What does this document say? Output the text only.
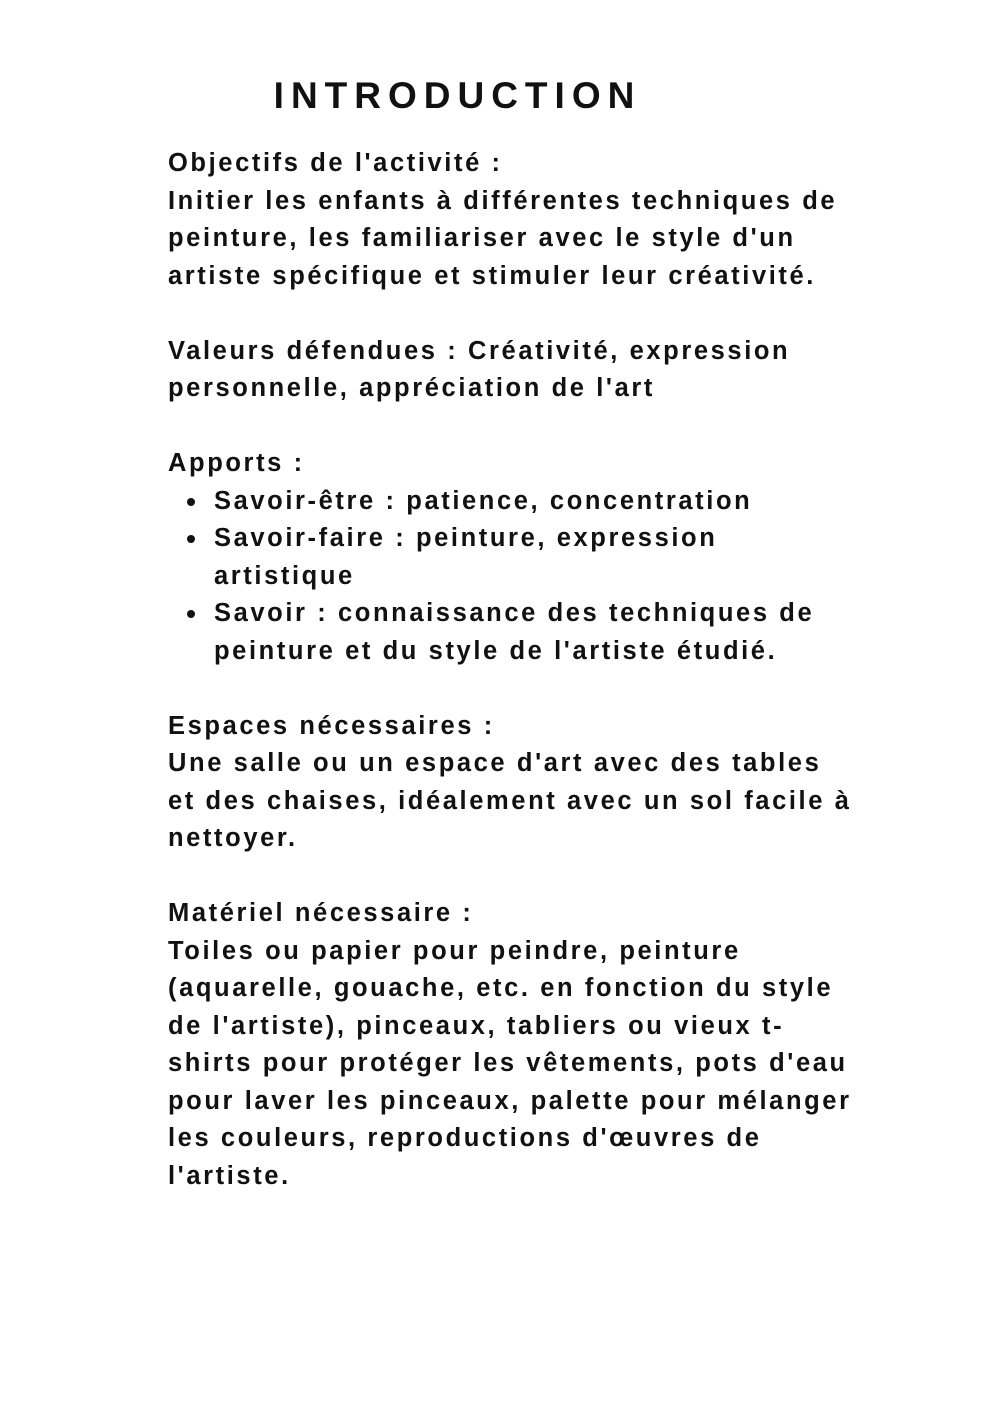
INTRODUCTION

Objectifs de l'activité :

Initier les enfants à différentes techniques de peinture, les familiariser avec le style d'un artiste spécifique et stimuler leur créativité.

Valeurs défendues : Créativité, expression personnelle, appréciation de l'art

Apports :

Savoir-être : patience, concentration
Savoir-faire : peinture, expression artistique
Savoir : connaissance des techniques de peinture et du style de l'artiste étudié.

Espaces nécessaires :

Une salle ou un espace d'art avec des tables et des chaises, idéalement avec un sol facile à nettoyer.

Matériel nécessaire :

Toiles ou papier pour peindre, peinture (aquarelle, gouache, etc. en fonction du style de l'artiste), pinceaux, tabliers ou vieux t-shirts pour protéger les vêtements, pots d'eau pour laver les pinceaux, palette pour mélanger les couleurs, reproductions d'œuvres de l'artiste.
